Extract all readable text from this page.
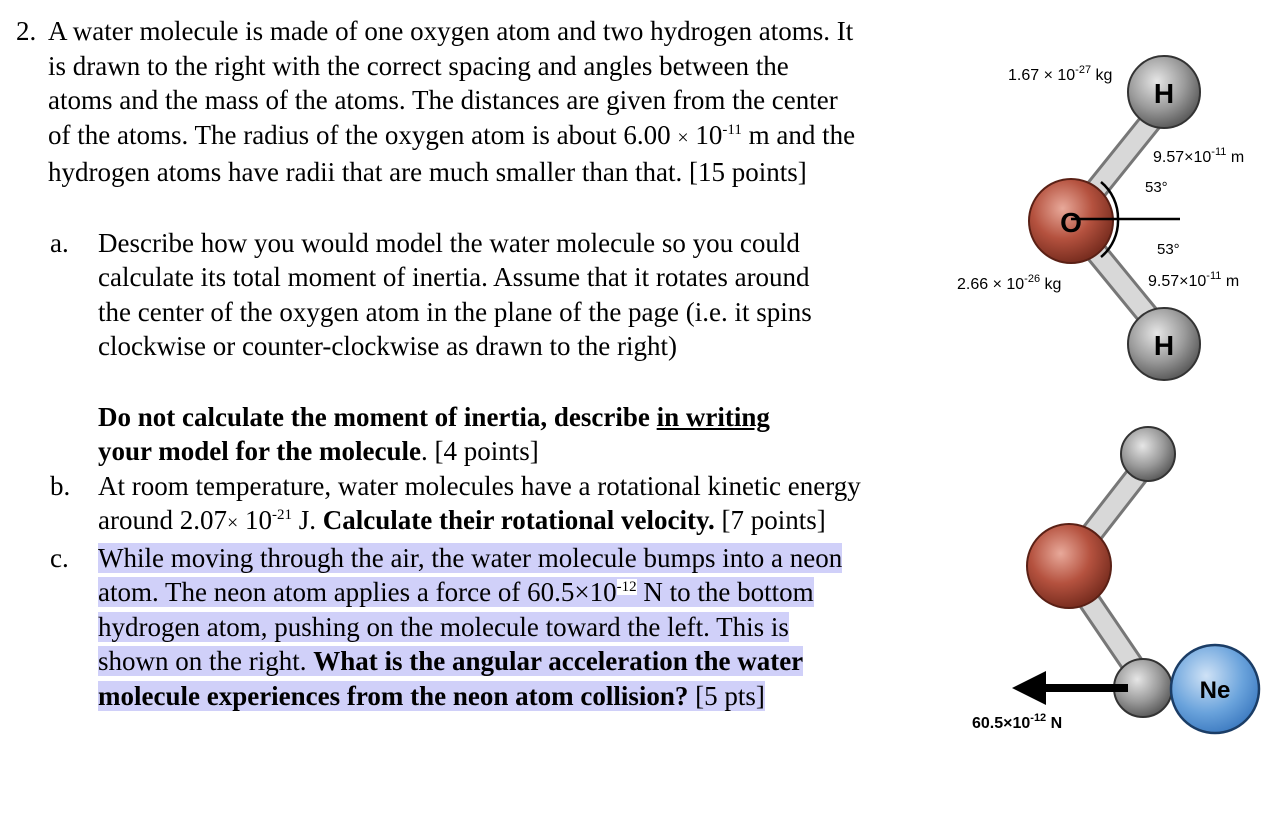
2. A water molecule is made of one oxygen atom and two hydrogen atoms. It
is drawn to the right with the correct spacing and angles between the
atoms and the mass of the atoms. The distances are given from the center
of the atoms. The radius of the oxygen atom is about $6.00 \times 10^{-11}$ m and the
hydrogen atoms have radii that are much smaller than that. [15 points]
a. Describe how you would model the water molecule so you could
calculate its total moment of inertia. Assume that it rotates around
the center of the oxygen atom in the plane of the page (i.e. it spins
clockwise or counter-clockwise as drawn to the right)
Do not calculate the moment of inertia, describe in writing
your model for the molecule. [4 points]
b. At room temperature, water molecules have a rotational kinetic energy
around $2.07\times 10^{-21}$ J. Calculate their rotational velocity. [7 points]
c. While moving through the air, the water molecule bumps into a neon
atom. The neon atom applies a force of $60.5\times 10^{-12}$ N to the bottom
hydrogen atom, pushing on the molecule toward the left. This is
shown on the right. What is the angular acceleration the water
molecule experiences from the neon atom collision? [5 pts]
O
H
H
$1.67 \times 10^{-27}$ kg
$9.57\times 10^{-11}$ m
53°
53°
$2.66 \times 10^{-26}$ kg	$9.57\times 10^{-11}$ m
Ne
$60.5\times 10^{-12}$ N
